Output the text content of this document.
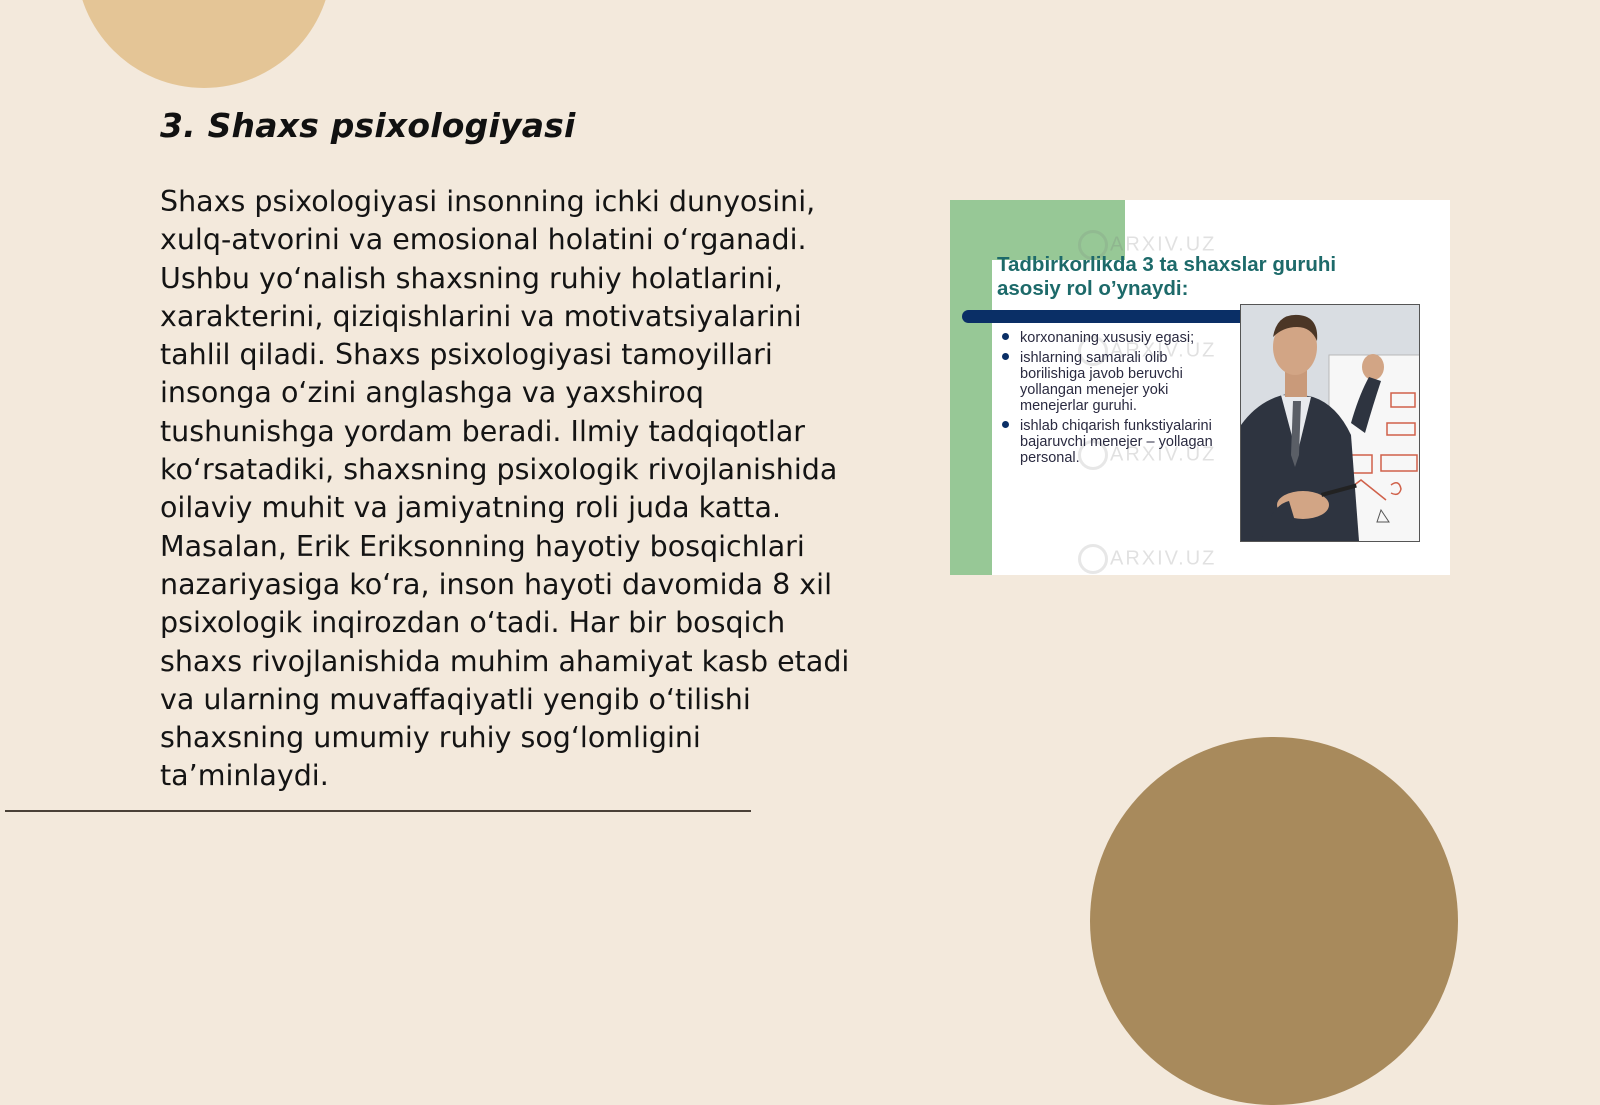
3. Shaxs psixologiyasi

Shaxs psixologiyasi insonning ichki dunyosini, xulq-atvorini va emosional holatini o‘rganadi. Ushbu yo‘nalish shaxsning ruhiy holatlarini, xarakterini, qiziqishlarini va motivatsiyalarini tahlil qiladi. Shaxs psixologiyasi tamoyillari insonga o‘zini anglashga va yaxshiroq tushunishga yordam beradi. Ilmiy tadqiqotlar ko‘rsatadiki, shaxsning psixologik rivojlanishida oilaviy muhit va jamiyatning roli juda katta. Masalan, Erik Eriksonning hayotiy bosqichlari nazariyasiga ko‘ra, inson hayoti davomida 8 xil psixologik inqirozdan o‘tadi. Har bir bosqich shaxs rivojlanishida muhim ahamiyat kasb etadi va ularning muvaffaqiyatli yengib o‘tilishi shaxsning umumiy ruhiy sog‘lomligini ta’minlaydi.

ARXIV.UZ
ARXIV.UZ
ARXIV.UZ
ARXIV.UZ

Tadbirkorlikda 3 ta shaxslar guruhi asosiy rol o’ynaydi:

korxonaning xususiy egasi;
ishlarning samarali olib borilishiga javob beruvchi yollangan menejer yoki menejerlar guruhi.
ishlab chiqarish funkstiyalarini bajaruvchi menejer – yollagan personal.
